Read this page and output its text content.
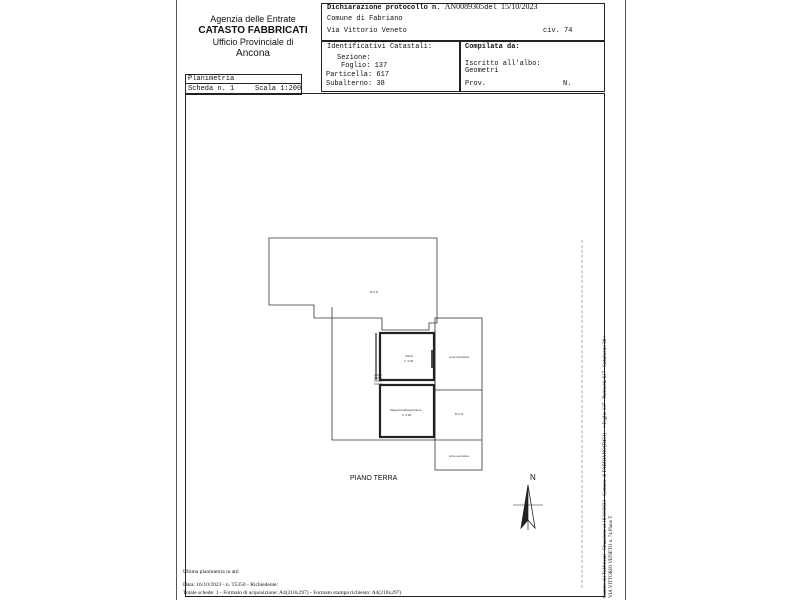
Agenzia delle Entrate
CATASTO FABBRICATI
Ufficio Provinciale di
Ancona
Dichiarazione protocollo n. AN0089305del 15/10/2023
Comune di Fabriano
Via Vittorio Veneto	civ. 74
Identificativi Catastali:
Sezione:
Foglio: 137
Particella: 617
Subalterno: 38
Compilata da:
Iscritto all'albo:
Geometri
Prov.	N.
Planimetria
Scheda n. 1	Scala 1:200
B.C.N.
Ufficio
h. 3,00
Magazzino/Esposizione
h. 3,00
corte esclusiva
B.C.N.
corte esclusiva
PIANO TERRA	N	Catasto dei Fabbricati - Situazione al 16/10/2023 - Comune di FABRIANO(D451) - < Foglio 137 - Particella 617 - Subalterno 38 > VIA VITTORIO VENETO n. 74 Piano T
Ultima planimetria in atti
Data: 16/10/2023 - n. T5350 - Richiedente:
Totale schede: 1 - Formato di acquisizione: A4(210x297) - Formato stampa richiesto: A4(210x297)
